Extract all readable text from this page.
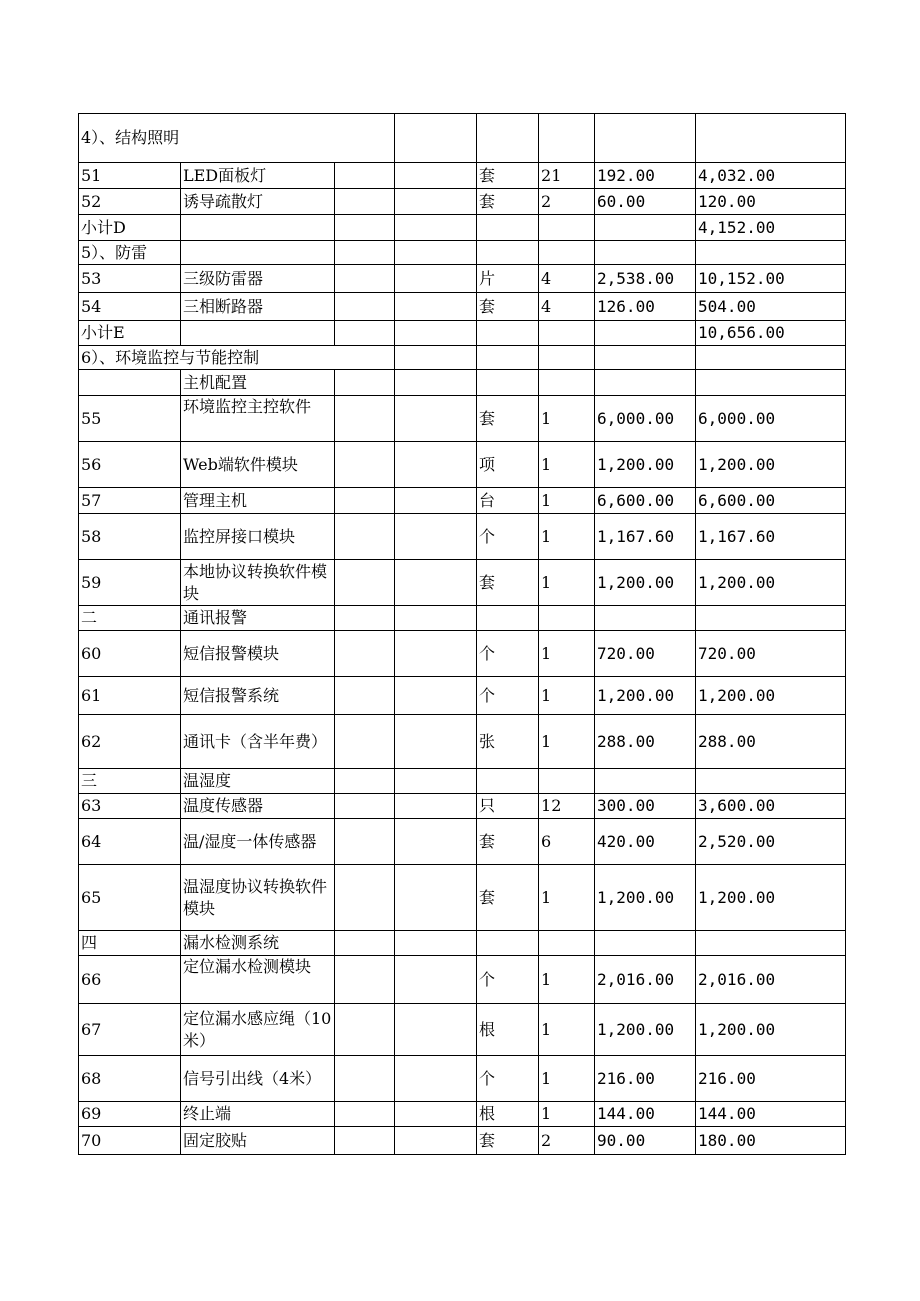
4）、结构照明							
51	LED面板灯			套	21	192.00	4,032.00
52	诱导疏散灯			套	2	60.00	120.00
小计D							4,152.00
5）、防雷							
53	三级防雷器			片	4	2,538.00	10,152.00
54	三相断路器			套	4	126.00	504.00
小计E							10,656.00
6）、环境监控与节能控制							
	主机配置						
55	环境监控主控软件			套	1	6,000.00	6,000.00
56	Web端软件模块			项	1	1,200.00	1,200.00
57	管理主机			台	1	6,600.00	6,600.00
58	监控屏接口模块			个	1	1,167.60	1,167.60
59	本地协议转换软件模块			套	1	1,200.00	1,200.00
二	通讯报警						
60	短信报警模块			个	1	720.00	720.00
61	短信报警系统			个	1	1,200.00	1,200.00
62	通讯卡（含半年费）			张	1	288.00	288.00
三	温湿度						
63	温度传感器			只	12	300.00	3,600.00
64	温/湿度一体传感器			套	6	420.00	2,520.00
65	温湿度协议转换软件模块			套	1	1,200.00	1,200.00
四	漏水检测系统						
66	定位漏水检测模块			个	1	2,016.00	2,016.00
67	定位漏水感应绳（10米）			根	1	1,200.00	1,200.00
68	信号引出线（4米）			个	1	216.00	216.00
69	终止端			根	1	144.00	144.00
70	固定胶贴			套	2	90.00	180.00
